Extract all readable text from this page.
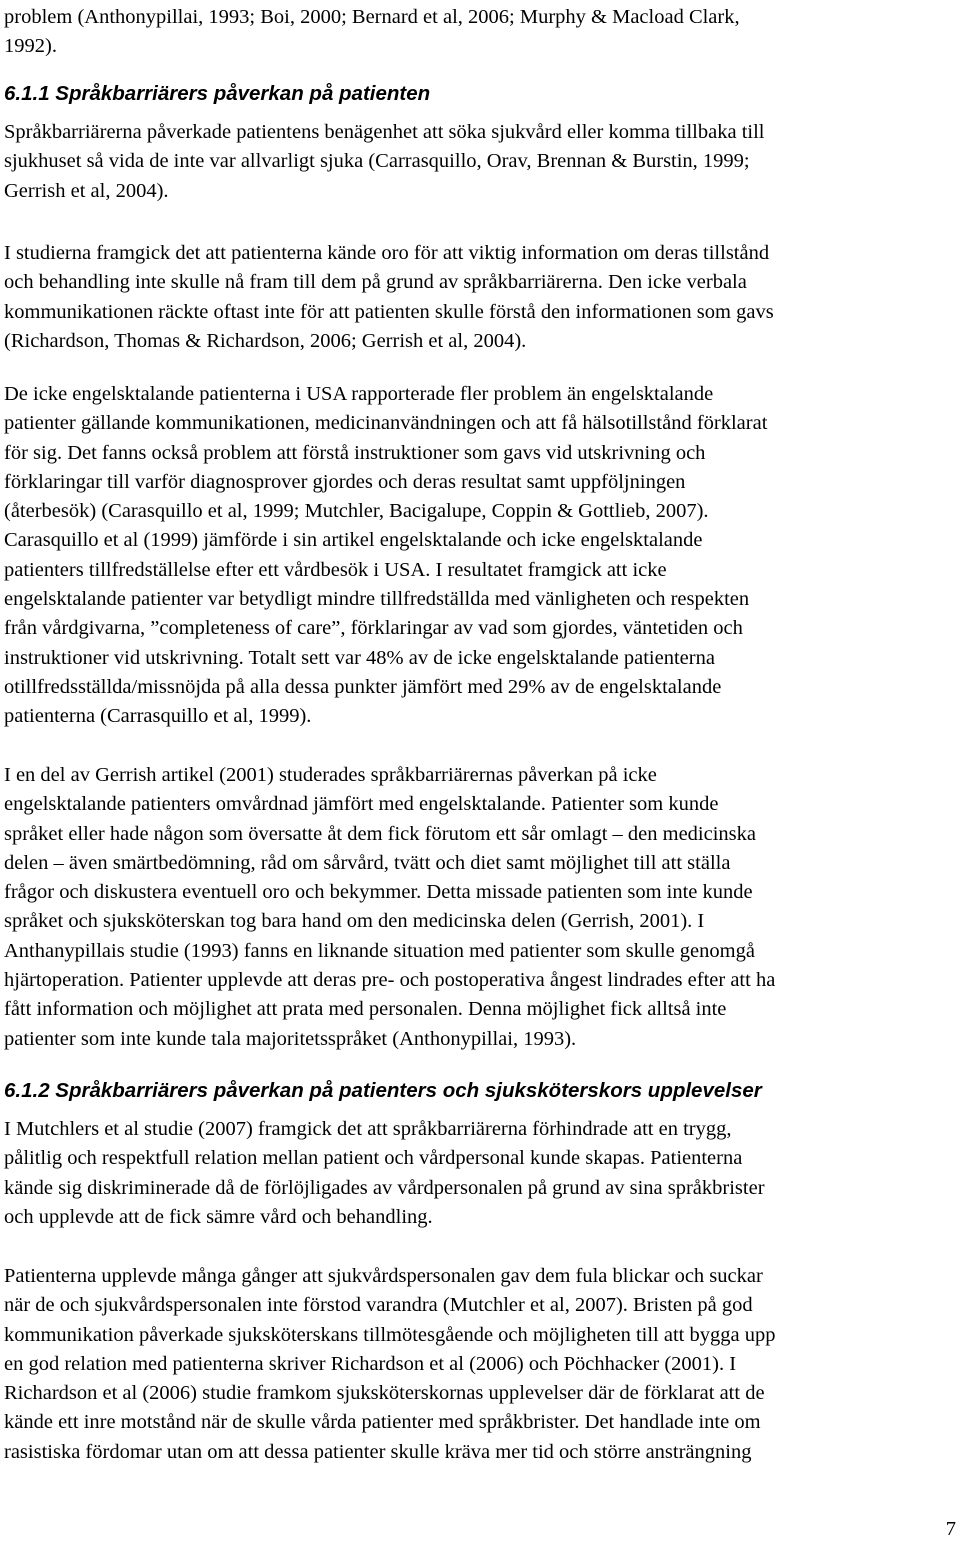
problem (Anthonypillai, 1993; Boi, 2000; Bernard et al, 2006; Murphy & Macload Clark,
1992).

6.1.1 Språkbarriärers påverkan på patienten

Språkbarriärerna påverkade patientens benägenhet att söka sjukvård eller komma tillbaka till
sjukhuset så vida de inte var allvarligt sjuka (Carrasquillo, Orav, Brennan & Burstin, 1999;
Gerrish et al, 2004).

I studierna framgick det att patienterna kände oro för att viktig information om deras tillstånd
och behandling inte skulle nå fram till dem på grund av språkbarriärerna. Den icke verbala
kommunikationen räckte oftast inte för att patienten skulle förstå den informationen som gavs
(Richardson, Thomas & Richardson, 2006; Gerrish et al, 2004).

De icke engelsktalande patienterna i USA rapporterade fler problem än engelsktalande
patienter gällande kommunikationen, medicinanvändningen och att få hälsotillstånd förklarat
för sig. Det fanns också problem att förstå instruktioner som gavs vid utskrivning och
förklaringar till varför diagnosprover gjordes och deras resultat samt uppföljningen
(återbesök) (Carasquillo et al, 1999; Mutchler, Bacigalupe, Coppin & Gottlieb, 2007).
Carasquillo et al (1999) jämförde i sin artikel engelsktalande och icke engelsktalande
patienters tillfredställelse efter ett vårdbesök i USA. I resultatet framgick att icke
engelsktalande patienter var betydligt mindre tillfredställda med vänligheten och respekten
från vårdgivarna, ”completeness of care”, förklaringar av vad som gjordes, väntetiden och
instruktioner vid utskrivning. Totalt sett var 48% av de icke engelsktalande patienterna
otillfredsställda/missnöjda på alla dessa punkter jämfört med 29% av de engelsktalande
patienterna (Carrasquillo et al, 1999).

I en del av Gerrish artikel (2001) studerades språkbarriärernas påverkan på icke
engelsktalande patienters omvårdnad jämfört med engelsktalande. Patienter som kunde
språket eller hade någon som översatte åt dem fick förutom ett sår omlagt – den medicinska
delen – även smärtbedömning, råd om sårvård, tvätt och diet samt möjlighet till att ställa
frågor och diskustera eventuell oro och bekymmer. Detta missade patienten som inte kunde
språket och sjuksköterskan tog bara hand om den medicinska delen (Gerrish, 2001). I
Anthanypillais studie (1993) fanns en liknande situation med patienter som skulle genomgå
hjärtoperation. Patienter upplevde att deras pre- och postoperativa ångest lindrades efter att ha
fått information och möjlighet att prata med personalen. Denna möjlighet fick alltså inte
patienter som inte kunde tala majoritetsspråket (Anthonypillai, 1993).

6.1.2 Språkbarriärers påverkan på patienters och sjuksköterskors upplevelser

I Mutchlers et al studie (2007) framgick det att språkbarriärerna förhindrade att en trygg,
pålitlig och respektfull relation mellan patient och vårdpersonal kunde skapas. Patienterna
kände sig diskriminerade då de förlöjligades av vårdpersonalen på grund av sina språkbrister
och upplevde att de fick sämre vård och behandling.

Patienterna upplevde många gånger att sjukvårdspersonalen gav dem fula blickar och suckar
när de och sjukvårdspersonalen inte förstod varandra (Mutchler et al, 2007). Bristen på god
kommunikation påverkade sjuksköterskans tillmötesgående och möjligheten till att bygga upp
en god relation med patienterna skriver Richardson et al (2006) och Pöchhacker (2001). I
Richardson et al (2006) studie framkom sjuksköterskornas upplevelser där de förklarat att de
kände ett inre motstånd när de skulle vårda patienter med språkbrister. Det handlade inte om
rasistiska fördomar utan om att dessa patienter skulle kräva mer tid och större ansträngning

7
